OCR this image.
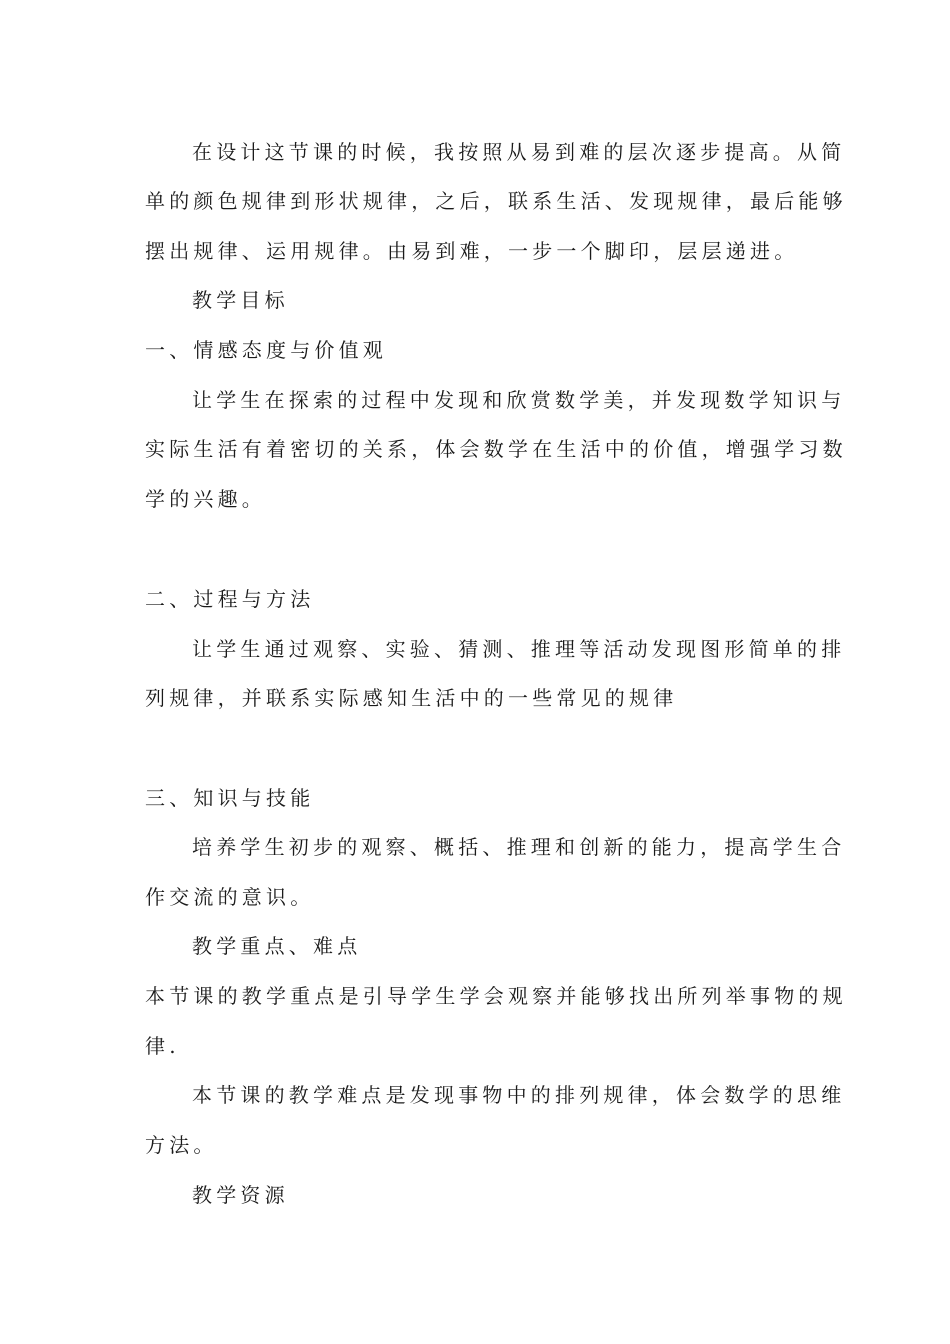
在设计这节课的时候，我按照从易到难的层次逐步提高。从简
单的颜色规律到形状规律，之后，联系生活、发现规律，最后能够
摆出规律、运用规律。由易到难，一步一个脚印，层层递进。
教学目标
一、情感态度与价值观
让学生在探索的过程中发现和欣赏数学美，并发现数学知识与
实际生活有着密切的关系，体会数学在生活中的价值，增强学习数
学的兴趣。
二、过程与方法
让学生通过观察、实验、猜测、推理等活动发现图形简单的排
列规律，并联系实际感知生活中的一些常见的规律
三、知识与技能
培养学生初步的观察、概括、推理和创新的能力，提高学生合
作交流的意识。
教学重点、难点
本节课的教学重点是引导学生学会观察并能够找出所列举事物的规
律.
本节课的教学难点是发现事物中的排列规律，体会数学的思维
方法。
教学资源
